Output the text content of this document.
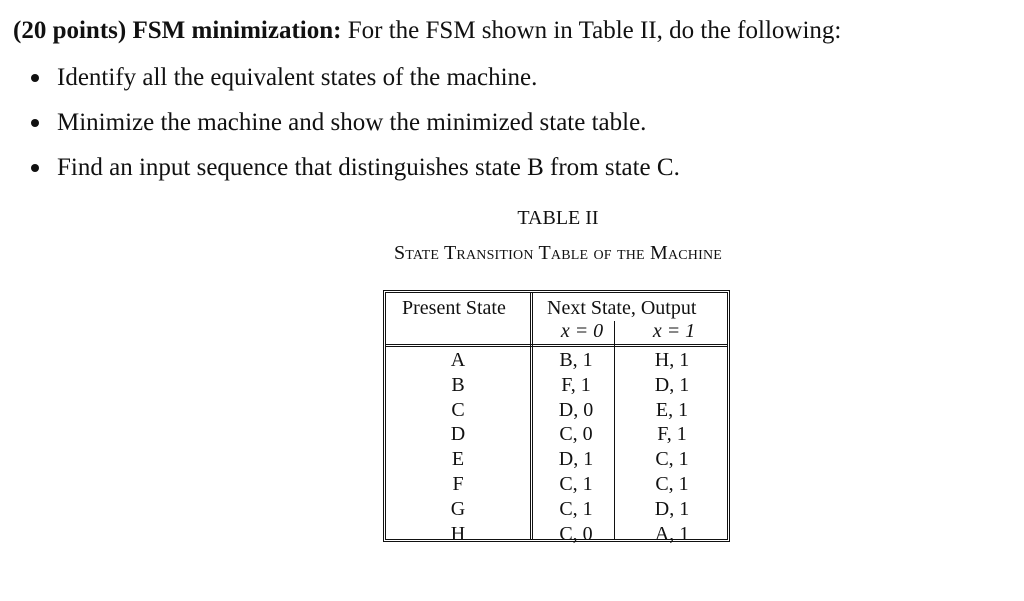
(20 points) FSM minimization: For the FSM shown in Table II, do the following:
Identify all the equivalent states of the machine.
Minimize the machine and show the minimized state table.
Find an input sequence that distinguishes state B from state C.
TABLE II
State Transition Table of the Machine
Present State Next State, Output
x = 0	x = 1
A	B, 1	H, 1
B	F, 1	D, 1
C	D, 0	E, 1
D	C, 0	F, 1
E	D, 1	C, 1
F	C, 1	C, 1
G	C, 1	D, 1
H	C, 0	A, 1
